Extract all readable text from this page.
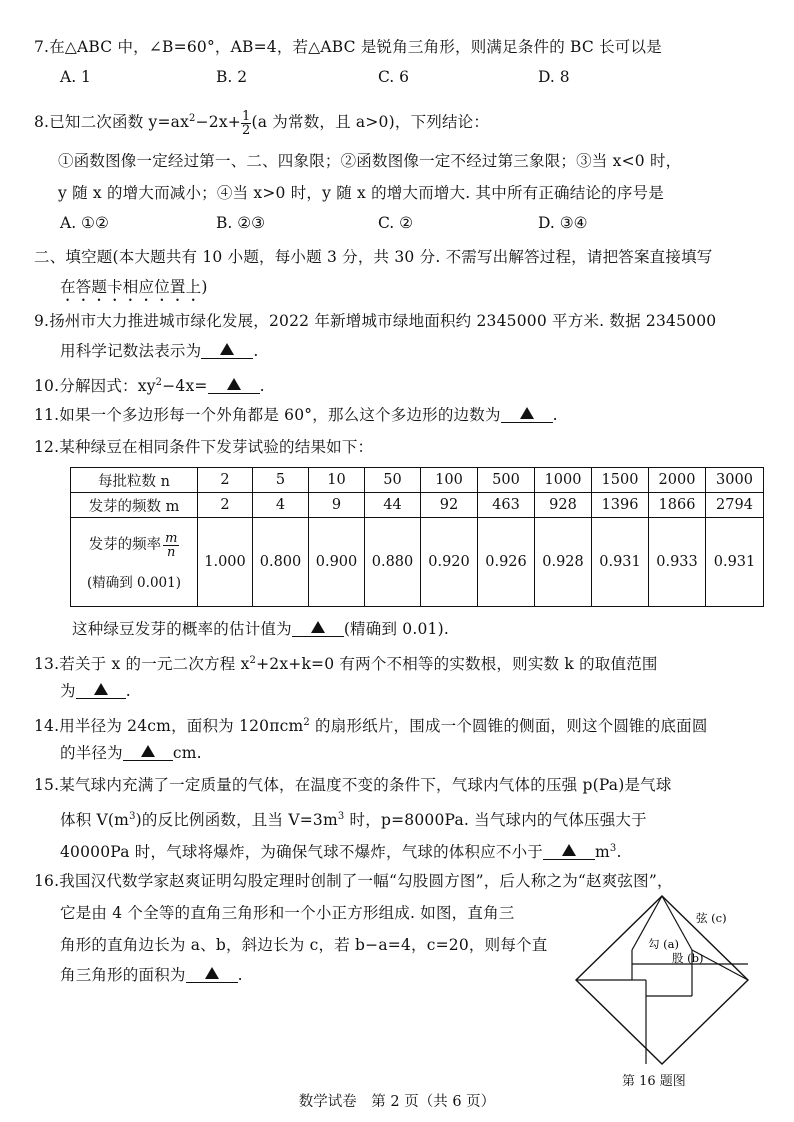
7.在△ABC 中，∠B=60°，AB=4，若△ABC 是锐角三角形，则满足条件的 BC 长可以是
A. 1	B. 2	C. 6	D. 8
8.已知二次函数 $y=ax^2-2x+ \frac{1}{2} (a$ 为常数，且 a>0)，下列结论：
①函数图像一定经过第一、二、四象限；②函数图像一定不经过第三象限；③当 x<0 时，
y 随 x 的增大而减小；④当 x>0 时，y 随 x 的增大而增大. 其中所有正确结论的序号是
A. ①②	B. ②③	C. ②	D. ③④
二、填空题(本大题共有 10 小题，每小题 3 分，共 30 分. 不需写出解答过程，请把答案直接填写
在答题卡相应位置上)
9.扬州市大力推进城市绿化发展，2022 年新增城市绿地面积约 2345000 平方米. 数据 2345000
用科学记数法表示为	.
10.分解因式：$xy^2-4x=$	.
11.如果一个多边形每一个外角都是 60°，那么这个多边形的边数为	.
12.某种绿豆在相同条件下发芽试验的结果如下：
每批粒数 n	2	5	10	50	100	500	1000	1500	2000	3000
发芽的频数 m	2	4	9	44	92	463	928	1396	1866	2794

发芽的频率 $\frac{m}{n}$
(精确到 0.001)	1.000	0.800	0.900	0.880	0.920	0.926	0.928	0.931	0.933	0.931
这种绿豆发芽的概率的估计值为	(精确到 0.01).
13.若关于 x 的一元二次方程 $x^2+2x+k=0$ 有两个不相等的实数根，则实数 k 的取值范围
为	.
14.用半径为 24cm，面积为 120πcm$^2$ 的扇形纸片，围成一个圆锥的侧面，则这个圆锥的底面圆
的半径为	cm.
15.某气球内充满了一定质量的气体，在温度不变的条件下，气球内气体的压强 p(Pa)是气球
体积 $V(m^3)$的反比例函数，且当 $V=3m^3$ 时，p=8000Pa. 当气球内的气体压强大于
40000Pa 时，气球将爆炸，为确保气球不爆炸，气球的体积应不小于	$m^3$.
16.我国汉代数学家赵爽证明勾股定理时创制了一幅“勾股圆方图”，后人称之为“赵爽弦图”，
它是由 4 个全等的直角三角形和一个小正方形组成. 如图，直角三
角形的直角边长为 a、b，斜边长为 c，若 b−a=4，c=20，则每个直
角三角形的面积为	.
弦 (c)
勾 (a)
股 (b)
第 16 题图
数学试卷　第 2 页（共 6 页）
